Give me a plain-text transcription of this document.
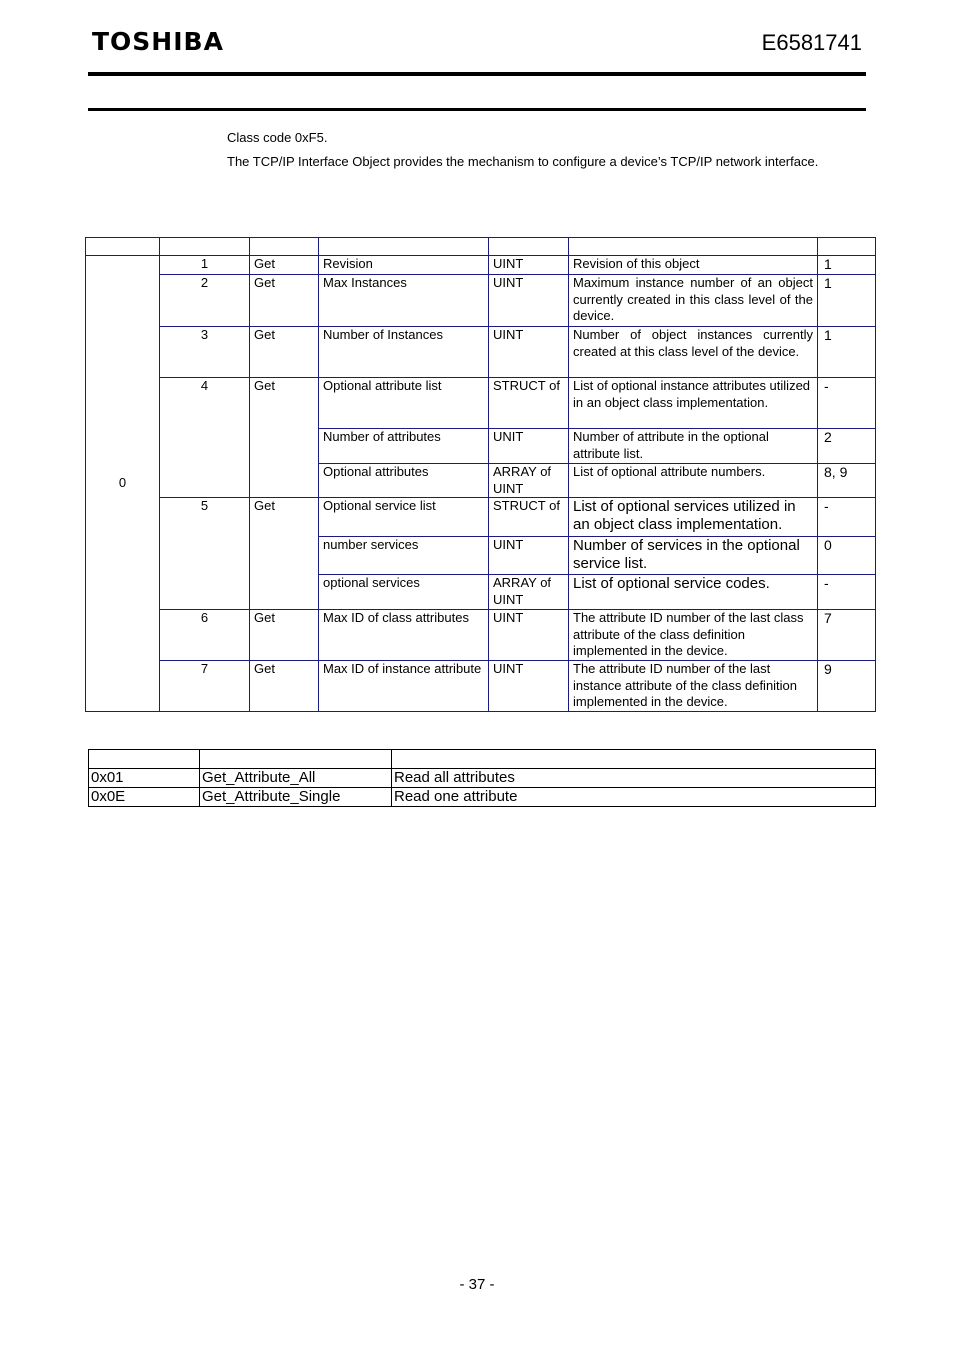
TOSHIBA	E6581741

Class code 0xF5.

The TCP/IP Interface Object provides the mechanism to configure a device’s TCP/IP network interface.

0	1	Get	Revision	UINT	Revision of this object	1
	2	Get	Max Instances	UINT	Maximum instance number of an object currently created in this class level of the device.	1
	3	Get	Number of Instances	UINT	Number of object instances currently created at this class level of the device.	1
	4	Get	Optional attribute list	STRUCT of	List of optional instance attributes utilized in an object class implementation.	-
			Number of attributes	UNIT	Number of attribute in the optional attribute list.	2
			Optional attributes	ARRAY of UINT	List of optional attribute numbers.	8, 9
	5	Get	Optional service list	STRUCT of	List of optional services utilized in an object class implementation.	-
			number services	UINT	Number of services in the optional service list.	0
			optional services	ARRAY of UINT	List of optional service codes.	-
	6	Get	Max ID of class attributes	UINT	The attribute ID number of the last class attribute of the class definition implemented in the device.	7
	7	Get	Max ID of instance attribute	UINT	The attribute ID number of the last instance attribute of the class definition implemented in the device.	9

0x01	Get_Attribute_All	Read all attributes
0x0E	Get_Attribute_Single	Read one attribute
- 37 -
